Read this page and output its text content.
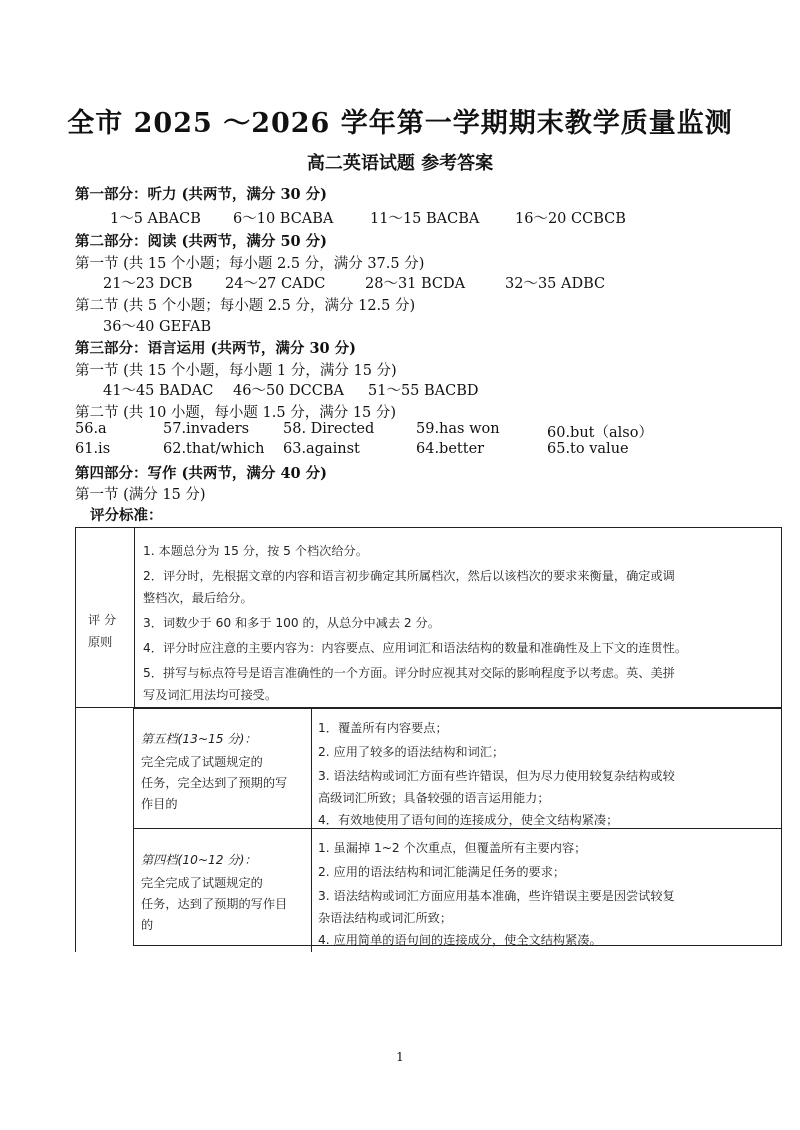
全市 2025 ～2026 学年第一学期期末教学质量监测
高二英语试题 参考答案
第一部分：听力 (共两节，满分 30 分)
1～5 ABACB 6～10 BCABA	11～15 BACBA 16～20 CCBCB
第二部分：阅读 (共两节，满分 50 分)
第一节 (共 15 个小题；每小题 2.5 分，满分 37.5 分)
21～23 DCB 24～27 CADC	28～31 BCDA	32～35 ADBC
第二节 (共 5 个小题；每小题 2.5 分，满分 12.5 分)
36～40 GEFAB
第三部分：语言运用 (共两节，满分 30 分)
第一节 (共 15 个小题，每小题 1 分，满分 15 分)
41～45 BADAC 46～50 DCCBA 51～55 BACBD
第二节 (共 10 小题，每小题 1.5 分，满分 15 分)
56.a	57.invaders 58. Directed	59.has won	60.but（also）
61.is	62.that/which 63.against	64.better	65.to value
第四部分：写作 (共两节，满分 40 分)
第一节 (满分 15 分)
评分标准：
评 分
原则
1. 本题总分为 15 分，按 5 个档次给分。
2．评分时，先根据文章的内容和语言初步确定其所属档次，然后以该档次的要求来衡量，确定或调
整档次，最后给分。
3．词数少于 60 和多于 100 的，从总分中减去 2 分。
4．评分时应注意的主要内容为：内容要点、应用词汇和语法结构的数量和准确性及上下文的连贯性。
5．拼写与标点符号是语言准确性的一个方面。评分时应视其对交际的影响程度予以考虑。英、美拼
写及词汇用法均可接受。
第五档(13~15 分)：
完全完成了试题规定的
任务，完全达到了预期的写
作目的
1．覆盖所有内容要点；
2. 应用了较多的语法结构和词汇；
3. 语法结构或词汇方面有些许错误，但为尽力使用较复杂结构或较
高级词汇所致；具备较强的语言运用能力；
4．有效地使用了语句间的连接成分，使全文结构紧凑；
第四档(10~12 分)：
完全完成了试题规定的
任务，达到了预期的写作目
的
1. 虽漏掉 1~2 个次重点，但覆盖所有主要内容；
2. 应用的语法结构和词汇能满足任务的要求；
3. 语法结构或词汇方面应用基本准确，些许错误主要是因尝试较复
杂语法结构或词汇所致；
4. 应用简单的语句间的连接成分，使全文结构紧凑。
1
